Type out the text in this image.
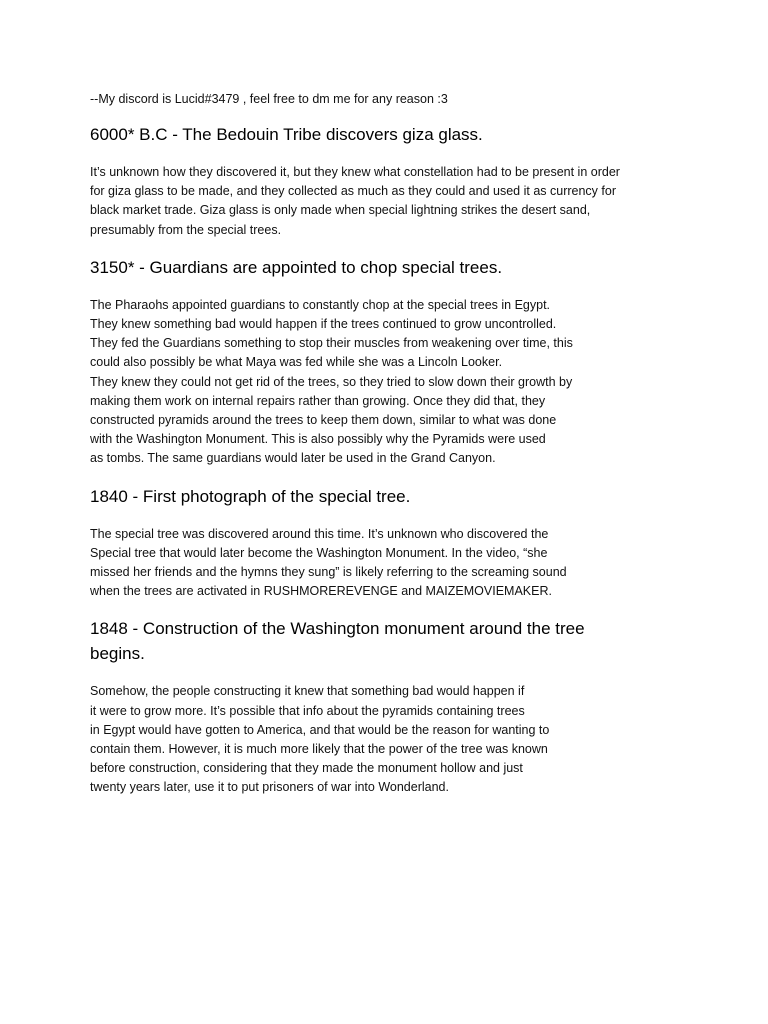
--My discord is Lucid#3479 , feel free to dm me for any reason :3

6000* B.C - The Bedouin Tribe discovers giza glass.

It’s unknown how they discovered it, but they knew what constellation had to be present in order
for giza glass to be made, and they collected as much as they could and used it as currency for
black market trade. Giza glass is only made when special lightning strikes the desert sand,
presumably from the special trees.

3150* - Guardians are appointed to chop special trees.

The Pharaohs appointed guardians to constantly chop at the special trees in Egypt.
They knew something bad would happen if the trees continued to grow uncontrolled.
They fed the Guardians something to stop their muscles from weakening over time, this
could also possibly be what Maya was fed while she was a Lincoln Looker.
They knew they could not get rid of the trees, so they tried to slow down their growth by
making them work on internal repairs rather than growing. Once they did that, they
constructed pyramids around the trees to keep them down, similar to what was done
with the Washington Monument. This is also possibly why the Pyramids were used
as tombs. The same guardians would later be used in the Grand Canyon.

1840 - First photograph of the special tree.

The special tree was discovered around this time. It’s unknown who discovered the
Special tree that would later become the Washington Monument. In the video, “she
missed her friends and the hymns they sung” is likely referring to the screaming sound
when the trees are activated in RUSHMOREREVENGE and MAIZEMOVIEMAKER.

1848 - Construction of the Washington monument around the tree
begins.

Somehow, the people constructing it knew that something bad would happen if
it were to grow more. It’s possible that info about the pyramids containing trees
in Egypt would have gotten to America, and that would be the reason for wanting to
contain them. However, it is much more likely that the power of the tree was known
before construction, considering that they made the monument hollow and just
twenty years later, use it to put prisoners of war into Wonderland.
